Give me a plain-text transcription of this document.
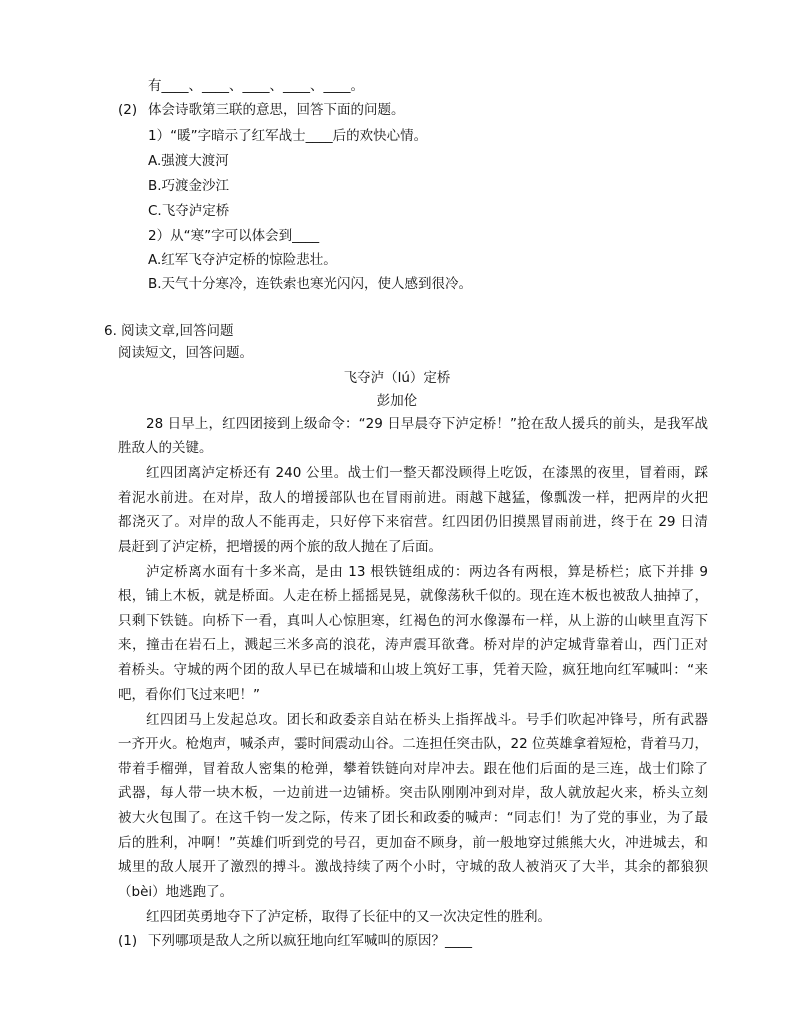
有____、____、____、____、____。
(2) 体会诗歌第三联的意思，回答下面的问题。
1）“暖”字暗示了红军战士____后的欢快心情。
A.强渡大渡河
B.巧渡金沙江
C.飞夺泸定桥
2）从“寒”字可以体会到____
A.红军飞夺泸定桥的惊险悲壮。
B.天气十分寒冷，连铁索也寒光闪闪，使人感到很冷。
6. 阅读文章,回答问题
阅读短文，回答问题。
飞夺泸（lú）定桥
彭加伦
28 日早上，红四团接到上级命令：“29 日早晨夺下泸定桥！”抢在敌人援兵的前头，是我军战
胜敌人的关键。
红四团离泸定桥还有 240 公里。战士们一整天都没顾得上吃饭，在漆黑的夜里，冒着雨，踩
着泥水前进。在对岸，敌人的增援部队也在冒雨前进。雨越下越猛，像瓢泼一样，把两岸的火把
都浇灭了。对岸的敌人不能再走，只好停下来宿营。红四团仍旧摸黑冒雨前进，终于在 29 日清
晨赶到了泸定桥，把增援的两个旅的敌人抛在了后面。
泸定桥离水面有十多米高，是由 13 根铁链组成的：两边各有两根，算是桥栏；底下并排 9
根，铺上木板，就是桥面。人走在桥上摇摇晃晃，就像荡秋千似的。现在连木板也被敌人抽掉了，
只剩下铁链。向桥下一看，真叫人心惊胆寒，红褐色的河水像瀑布一样，从上游的山峡里直泻下
来，撞击在岩石上，溅起三米多高的浪花，涛声震耳欲聋。桥对岸的泸定城背靠着山，西门正对
着桥头。守城的两个团的敌人早已在城墙和山坡上筑好工事，凭着天险，疯狂地向红军喊叫：“来
吧，看你们飞过来吧！”
红四团马上发起总攻。团长和政委亲自站在桥头上指挥战斗。号手们吹起冲锋号，所有武器
一齐开火。枪炮声，喊杀声，霎时间震动山谷。二连担任突击队，22 位英雄拿着短枪，背着马刀，
带着手榴弹，冒着敌人密集的枪弹，攀着铁链向对岸冲去。跟在他们后面的是三连，战士们除了
武器，每人带一块木板，一边前进一边铺桥。突击队刚刚冲到对岸，敌人就放起火来，桥头立刻
被大火包围了。在这千钧一发之际，传来了团长和政委的喊声：“同志们！为了党的事业，为了最
后的胜利，冲啊！”英雄们听到党的号召，更加奋不顾身，前一般地穿过熊熊大火，冲进城去，和
城里的敌人展开了激烈的搏斗。激战持续了两个小时，守城的敌人被消灭了大半，其余的都狼狈
（bèi）地逃跑了。
红四团英勇地夺下了泸定桥，取得了长征中的又一次决定性的胜利。
(1) 下列哪项是敌人之所以疯狂地向红军喊叫的原因？____
